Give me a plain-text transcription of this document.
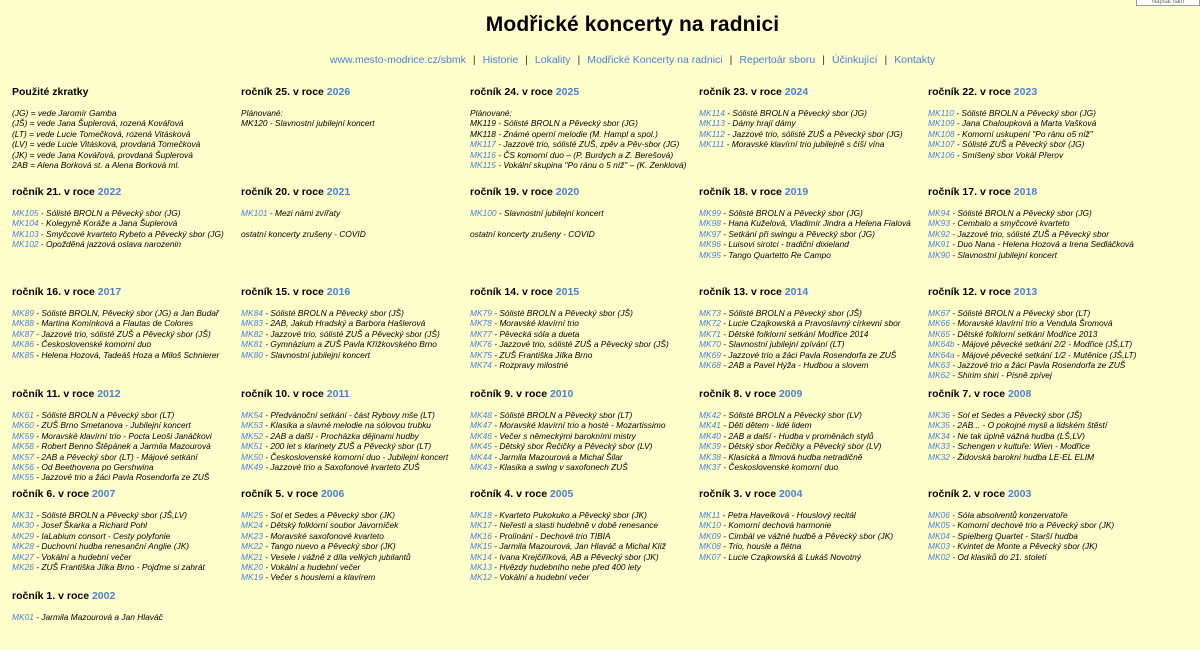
Napsat nám
Modřické koncerty na radnici
www.mesto-modrice.cz/sbmk | Historie | Lokality | Modřické Koncerty na radnici | Repertoár sboru | Účinkující | Kontakty
Použité zkratky
(JG) = vede Jaromír Gamba
(JŠ) = vede Jana Šuplerová, rozená Kovářová
(LT) = vede Lucie Tomečková, rozená Vitásková
(LV) = vede Lucie Vitásková, provdaná Tomečková
(JK) = vede Jana Kovářová, provdaná Šuplerová
2AB = Alena Borková st. a Alena Borková ml.
ročník 25. v roce 2026
Plánované:
MK120 - Slavnostní jubilejní koncert
ročník 24. v roce 2025
Plánované:
MK119 - Sólisté BROLN a Pěvecký sbor (JG)
MK118 - Známé operní melodie (M. Hampl a spol.)
MK117 - Jazzové trio, sólisté ZUŠ, zpěv a Pěv-sbor (JG)
MK116 - ČS komorní duo – (P. Burdych a Z. Berešová)
MK115 - Vokální skupina "Po ránu o 5 níž" – (K. Zenklová)
ročník 23. v roce 2024
MK114 - Sólisté BROLN a Pěvecký sbor (JG)
MK113 - Dámy hrají dámy
MK112 - Jazzové trio, sólisté ZUŠ a Pěvecký sbor (JG)
MK111 - Moravské klavírní trio jubilejně s číší vína
ročník 22. v roce 2023
MK110 - Sólisté BROLN a Pěvecký sbor (JG)
MK109 - Jana Chaloupková a Marta Vašková
MK108 - Komorní uskupení "Po ránu o5 níž"
MK107 - Sólisté ZUŠ a Pěvecký sbor (JG)
MK106 - Smíšený sbor Vokál Přerov
ročník 21. v roce 2022
MK105 - Sólisté BROLN a Pěvecký sbor (JG)
MK104 - Kolegyně Koráže a Jana Šuplerová
MK103 - Smyčcové kvarteto Rybeto a Pěvecký sbor (JG)
MK102 - Opožděná jazzová oslava narozenin
ročník 20. v roce 2021
MK101 - Mezi námi zvířaty
ostatní koncerty zrušeny - COVID
ročník 19. v roce 2020
MK100 - Slavnostní jubilejní koncert
ostatní koncerty zrušeny - COVID
ročník 18. v roce 2019
MK99 - Sólisté BROLN a Pěvecký sbor (JG)
MK98 - Hana Kuželová, Vladimír Jindra a Helena Fialová
MK97 - Setkání při swingu a Pěvecký sbor (JG)
MK96 - Luisovi sirotci - tradiční dixieland
MK95 - Tango Quartetto Re Campo
ročník 17. v roce 2018
MK94 - Sólisté BROLN a Pěvecký sbor (JG)
MK93 - Cembalo a smyčcové kvarteto
MK92 - Jazzové trio, sólisté ZUŠ a Pěvecký sbor
MK91 - Duo Nana - Helena Hozová a Irena Sedláčková
MK90 - Slavnostní jubilejní koncert
ročník 16. v roce 2017
MK89 - Sólisté BROLN, Pěvecký sbor (JG) a Jan Budař
MK88 - Martina Komínková a Flautas de Colores
MK87 - Jazzové trio, sólisté ZUŠ a Pěvecký sbor (JŠ)
MK86 - Československé komorní duo
MK85 - Helena Hozová, Tadeáš Hoza a Miloš Schnierer
ročník 15. v roce 2016
MK84 - Sólisté BROLN a Pěvecký sbor (JŠ)
MK83 - 2AB, Jakub Hradský a Barbora Hašlerová
MK82 - Jazzové trio, sólisté ZUŠ a Pěvecký sbor (JŠ)
MK81 - Gymnázium a ZUŠ Pavla Křížkovského Brno
MK80 - Slavnostní jubilejní koncert
ročník 14. v roce 2015
MK79 - Sólisté BROLN a Pěvecký sbor (JŠ)
MK78 - Moravské klavírní trio
MK77 - Pěvecká sóla a dueta
MK76 - Jazzové trio, sólisté ZUŠ a Pěvecký sbor (JŠ)
MK75 - ZUŠ Františka Jílka Brno
MK74 - Rozpravy milostné
ročník 13. v roce 2014
MK73 - Sólisté BROLN a Pěvecký sbor (JŠ)
MK72 - Lucie Czajkowská a Pravoslavný církevní sbor
MK71 - Dětské folklorní setkání Modřice 2014
MK70 - Slavnostní jubilejní zpívání (LT)
MK69 - Jazzové trio a žáci Pavla Rosendorfa ze ZUŠ
MK68 - 2AB a Pavel Hýža - Hudbou a slovem
ročník 12. v roce 2013
MK67 - Sólisté BROLN a Pěvecký sbor (LT)
MK66 - Moravské klavírní trio a Vendula Šromová
MK65 - Dětské folklorní setkání Modřice 2013
MK64b - Májové pěvecké setkání 2/2 - Modřice (JŠ,LT)
MK64a - Májové pěvecké setkání 1/2 - Mutěnice (JŠ,LT)
MK63 - Jazzové trio a žáci Pavla Rosendorfa ze ZUŠ
MK62 - Shirim shiri - Písně zpívej
ročník 11. v roce 2012
MK61 - Sólisté BROLN a Pěvecký sbor (LT)
MK60 - ZUŠ Brno Smetanova - Jubilejní koncert
MK59 - Moravské klavírní trio - Pocta Leoši Janáčkovi
MK58 - Robert Benno Štěpánek a Jarmila Mazourová
MK57 - 2AB a Pěvecký sbor (LT) - Májové setkání
MK56 - Od Beethovena po Gershwina
MK55 - Jazzové trio a žáci Pavla Rosendorfa ze ZUŠ
ročník 10. v roce 2011
MK54 - Předvánoční setkání - část Rybovy mše (LT)
MK53 - Klasika a slavné melodie na sólovou trubku
MK52 - 2AB a další - Procházka dějinami hudby
MK51 - 200 let s klarinety ZUŠ a Pěvecký sbor (LT)
MK50 - Československé komorní duo - Jubilejní koncert
MK49 - Jazzové trio a Saxofonové kvarteto ZUŠ
ročník 9. v roce 2010
MK48 - Sólisté BROLN a Pěvecký sbor (LT)
MK47 - Moravské klavírní trio a hosté - Mozartissimo
MK46 - Večer s německými barokními mistry
MK45 - Dětský sbor Řečičky a Pěvecký sbor (LV)
MK44 - Jarmila Mazourová a Michal Šilar
MK43 - Klasika a swing v saxofonech ZUŠ
ročník 8. v roce 2009
MK42 - Sólisté BROLN a Pěvecký sbor (LV)
MK41 - Děti dětem - lidé lidem
MK40 - 2AB a další - Hudba v proměnách stylů
MK39 - Dětský sbor Řečičky a Pěvecký sbor (LV)
MK38 - Klasická a filmová hudba netradičně
MK37 - Československé komorní duo
ročník 7. v roce 2008
MK36 - Sol et Sedes a Pěvecký sbor (JŠ)
MK35 - 2AB... - O pokojné mysli a lidském štěstí
MK34 - Ne tak úplně vážná hudba (LŠ,LV)
MK33 - Schengen v kultuře: Wien - Modřice
MK32 - Židovská barokní hudba LE-EL ELIM
ročník 6. v roce 2007
MK31 - Sólisté BROLN a Pěvecký sbor (JŠ,LV)
MK30 - Josef Škarka a Richard Pohl
MK29 - IaLabium consort - Cesty polyfonie
MK28 - Duchovní hudba renesanční Anglie (JK)
MK27 - Vokální a hudební večer
MK26 - ZUŠ Františka Jílka Brno - Pojďme si zahrát
ročník 5. v roce 2006
MK25 - Sol et Sedes a Pěvecký sbor (JK)
MK24 - Dětský folklorní soubor Javorníček
MK23 - Moravské saxofonové kvarteto
MK22 - Tango nuevo a Pěvecký sbor (JK)
MK21 - Vesele i vážně z díla velkých jubilantů
MK20 - Vokální a hudební večer
MK19 - Večer s houslemi a klavírem
ročník 4. v roce 2005
MK18 - Kvarteto Pukokuko a Pěvecký sbor (JK)
MK17 - Neřesti a slasti hudebně v době renesance
MK16 - Prolínání - Dechové trio TIBIA
MK15 - Jarmila Mazourová, Jan Hlaváč a Michal Klíž
MK14 - Ivana Krejčiříková, AB a Pěvecký sbor (JK)
MK13 - Hvězdy hudebního nebe před 400 lety
MK12 - Vokální a hudební večer
ročník 3. v roce 2004
MK11 - Petra Havelková - Houslový recitál
MK10 - Komorní dechová harmonie
MK09 - Cimbál ve vážné hudbě a Pěvecký sbor (JK)
MK08 - Trio, housle a flétna
MK07 - Lucie Czajkowská & Lukáš Novotný
ročník 2. v roce 2003
MK06 - Sóla absolventů konzervatoře
MK05 - Komorní dechové trio a Pěvecký sbor (JK)
MK04 - Spielberg Quartet - Starší hudba
MK03 - Kvintet de Monte a Pěvecký sbor (JK)
MK02 - Od klasiků do 21. století
ročník 1. v roce 2002
MK01 - Jarmila Mazourová a Jan Hlaváč
